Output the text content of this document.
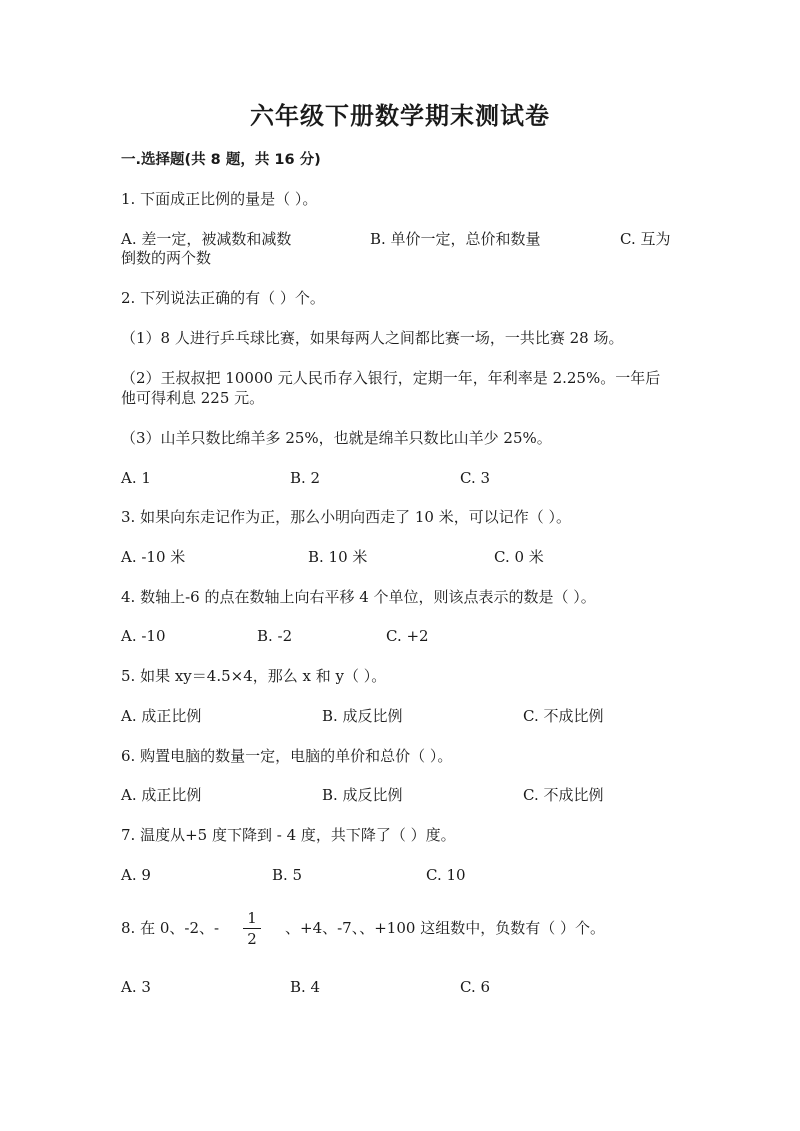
六年级下册数学期末测试卷
一.选择题(共 8 题，共 16 分)
1. 下面成正比例的量是（ ）。
A. 差一定，被减数和减数	B. 单价一定，总价和数量	C. 互为
倒数的两个数
2. 下列说法正确的有（ ）个。
（1）8 人进行乒乓球比赛，如果每两人之间都比赛一场，一共比赛 28 场。
（2）王叔叔把 10000 元人民币存入银行，定期一年，年利率是 2.25%。一年后
他可得利息 225 元。
（3）山羊只数比绵羊多 25%，也就是绵羊只数比山羊少 25%。
A. 1	B. 2	C. 3
3. 如果向东走记作为正，那么小明向西走了 10 米，可以记作（ ）。
A. -10 米	B. 10 米	C. 0 米
4. 数轴上-6 的点在数轴上向右平移 4 个单位，则该点表示的数是（ ）。
A. -10	B. -2	C. +2
5. 如果 xy＝4.5×4，那么 x 和 y（ ）。
A. 成正比例	B. 成反比例	C. 不成比例
6. 购置电脑的数量一定，电脑的单价和总价（ ）。
A. 成正比例	B. 成反比例	C. 不成比例
7. 温度从+5 度下降到 - 4 度，共下降了（ ）度。
A. 9	B. 5	C. 10
8. 在 0、-2、-
1
2
、+4、-7、、+100 这组数中，负数有（ ）个。
A. 3	B. 4	C. 6
